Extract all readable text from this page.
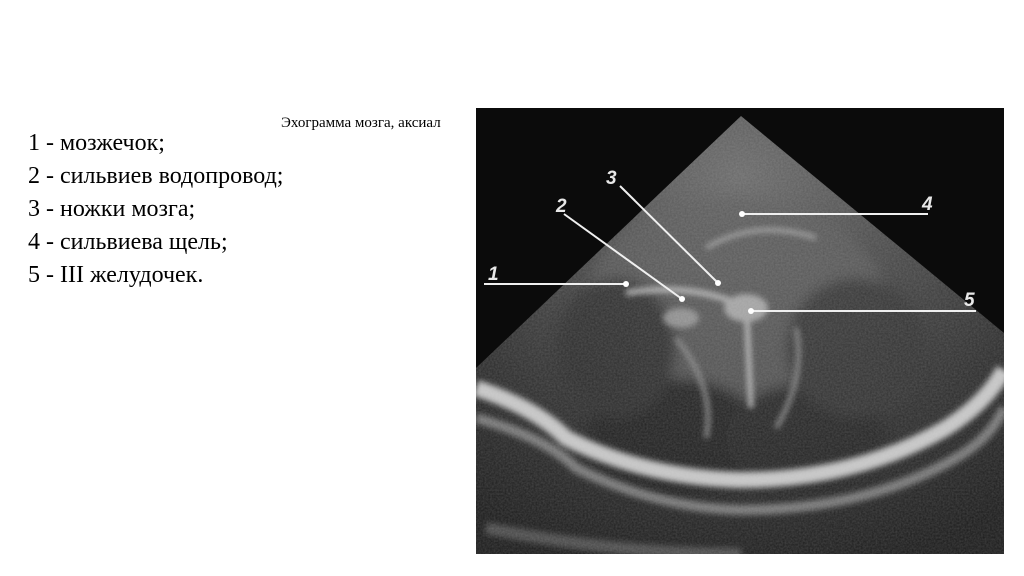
Эхограмма мозга, аксиал
1 - мозжечок;
2 - сильвиев водопровод;
3 - ножки мозга;
4 - сильвиева щель;
5 - III желудочек.	1
2
3
4
5
